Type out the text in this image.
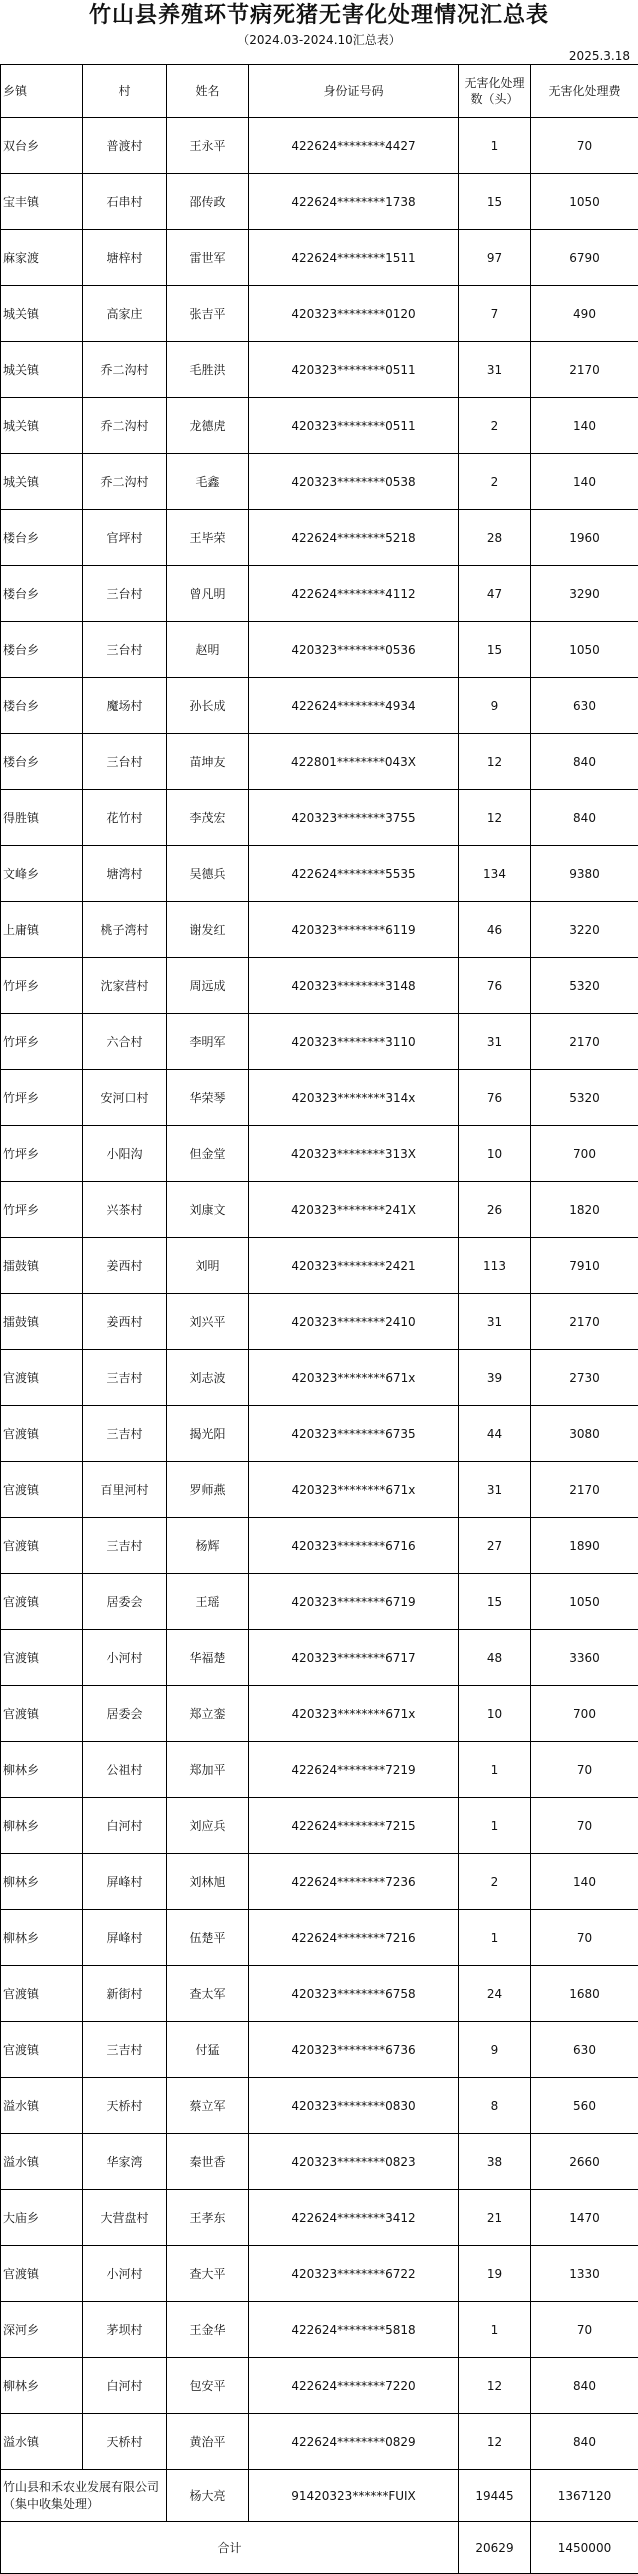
竹山县养殖环节病死猪无害化处理情况汇总表
（2024.03-2024.10汇总表）
2025.3.18
乡镇	村	姓名	身份证号码	无害化处理数（头）	无害化处理费
双台乡	普渡村	王永平	422624********4427	1	70
宝丰镇	石串村	邵传政	422624********1738	15	1050
麻家渡	塘梓村	雷世军	422624********1511	97	6790
城关镇	高家庄	张吉平	420323********0120	7	490
城关镇	乔二沟村	毛胜洪	420323********0511	31	2170
城关镇	乔二沟村	龙德虎	420323********0511	2	140
城关镇	乔二沟村	毛鑫	420323********0538	2	140
楼台乡	官坪村	王毕荣	422624********5218	28	1960
楼台乡	三台村	曾凡明	422624********4112	47	3290
楼台乡	三台村	赵明	420323********0536	15	1050
楼台乡	魔场村	孙长成	422624********4934	9	630
楼台乡	三台村	苗坤友	422801********043X	12	840
得胜镇	花竹村	李茂宏	420323********3755	12	840
文峰乡	塘湾村	吴德兵	422624********5535	134	9380
上庸镇	桃子湾村	谢发红	420323********6119	46	3220
竹坪乡	沈家营村	周远成	420323********3148	76	5320
竹坪乡	六合村	李明军	420323********3110	31	2170
竹坪乡	安河口村	华荣琴	420323********314x	76	5320
竹坪乡	小阳沟	但金堂	420323********313X	10	700
竹坪乡	兴茶村	刘康文	420323********241X	26	1820
擂鼓镇	姜西村	刘明	420323********2421	113	7910
擂鼓镇	姜西村	刘兴平	420323********2410	31	2170
官渡镇	三吉村	刘志波	420323********671x	39	2730
官渡镇	三吉村	揭光阳	420323********6735	44	3080
官渡镇	百里河村	罗师燕	420323********671x	31	2170
官渡镇	三吉村	杨辉	420323********6716	27	1890
官渡镇	居委会	王瑶	420323********6719	15	1050
官渡镇	小河村	华福楚	420323********6717	48	3360
官渡镇	居委会	郑立銮	420323********671x	10	700
柳林乡	公祖村	郑加平	422624********7219	1	70
柳林乡	白河村	刘应兵	422624********7215	1	70
柳林乡	屏峰村	刘林旭	422624********7236	2	140
柳林乡	屏峰村	伍楚平	422624********7216	1	70
官渡镇	新街村	查太军	420323********6758	24	1680
官渡镇	三吉村	付猛	420323********6736	9	630
溢水镇	天桥村	蔡立军	420323********0830	8	560
溢水镇	华家湾	秦世香	420323********0823	38	2660
大庙乡	大营盘村	王孝东	422624********3412	21	1470
官渡镇	小河村	查大平	420323********6722	19	1330
深河乡	茅坝村	王金华	422624********5818	1	70
柳林乡	白河村	包安平	422624********7220	12	840
溢水镇	天桥村	黄治平	422624********0829	12	840
竹山县和禾农业发展有限公司（集中收集处理）		杨大亮	91420323******FUIX	19445	1367120
合计				20629	1450000
